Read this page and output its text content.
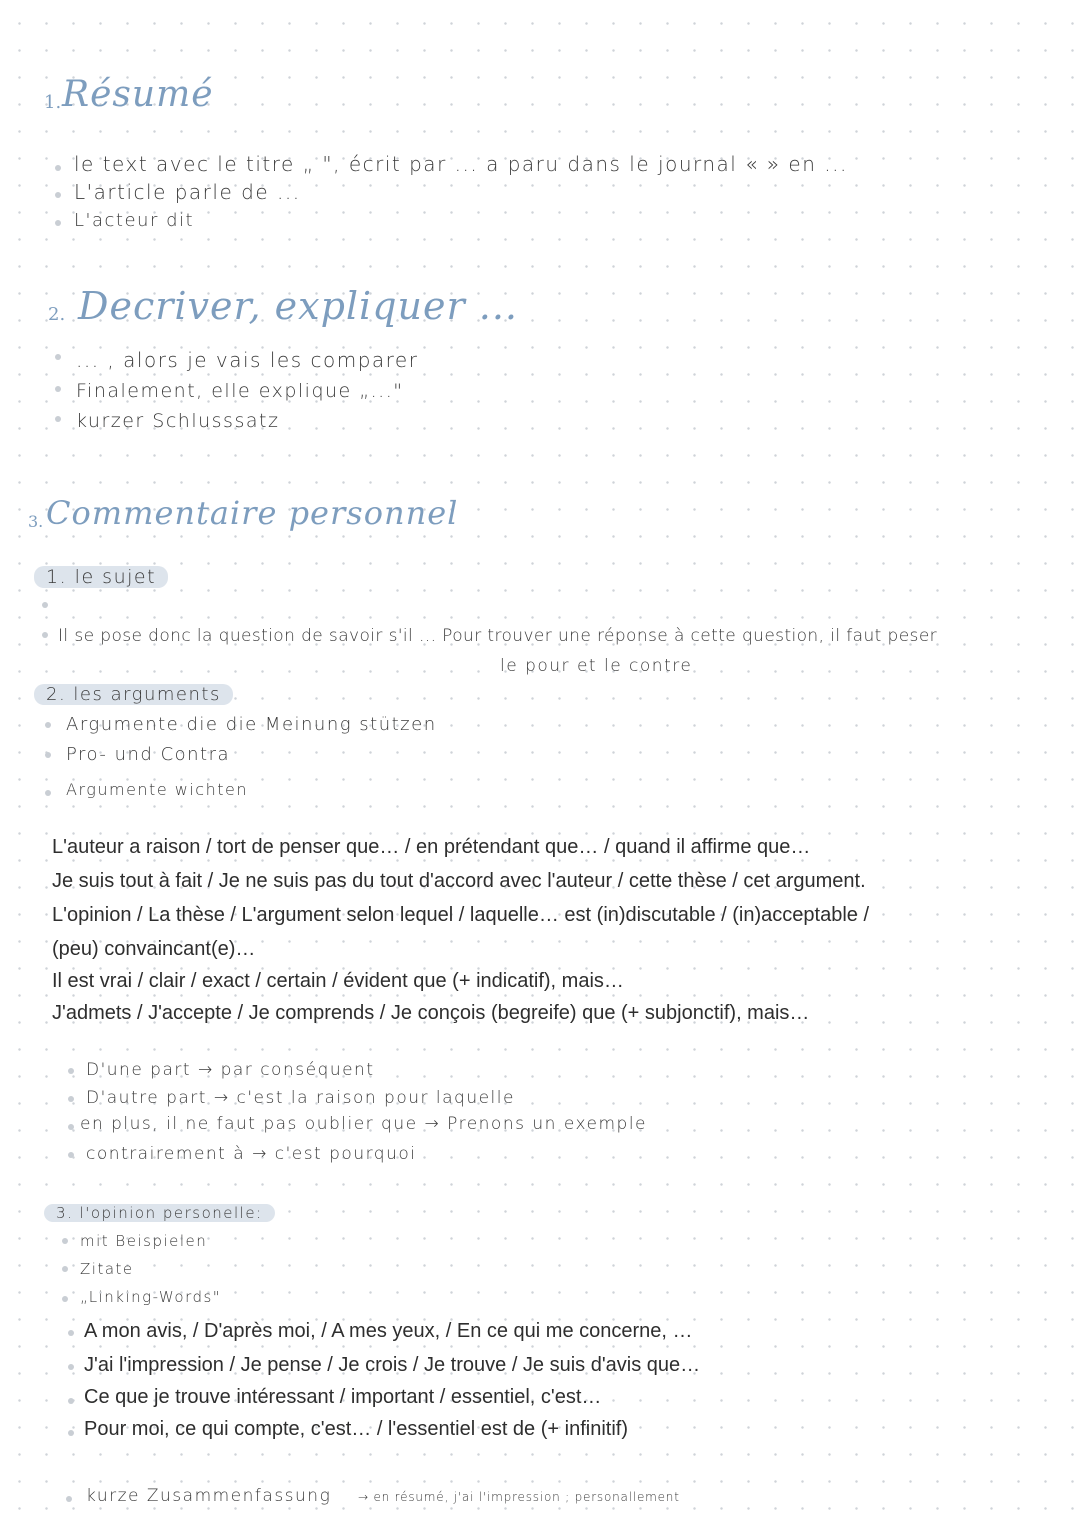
1. Résumé
le text avec le titre „ ", écrit par ... a paru dans le journal « » en ...
L'article parle de ...
L'acteur dit
2. Decriver, expliquer ...
... , alors je vais les comparer
Finalement, elle explique „..."
kurzer Schlusssatz
3. Commentaire personnel
1. le sujet
Il se pose donc la question de savoir s'il ... Pour trouver une réponse à cette question, il faut peser
le pour et le contre
2. les arguments
Argumente die die Meinung stützen
Pro- und Contra
Argumente wichten
L'auteur a raison / tort de penser que… / en prétendant que… / quand il affirme que…
Je suis tout à fait / Je ne suis pas du tout d'accord avec l'auteur / cette thèse / cet argument.
L'opinion / La thèse / L'argument selon lequel / laquelle… est (in)discutable / (in)acceptable /
(peu) convaincant(e)…
Il est vrai / clair / exact / certain / évident que (+ indicatif), mais…
J'admets / J'accepte / Je comprends / Je conçois (begreife) que (+ subjonctif), mais…
D'une part → par conséquent
D'autre part → c'est la raison pour laquelle
en plus, il ne faut pas oublier que → Prenons un exemple
contrairement à → c'est pourquoi
3. l'opinion personelle:
mit Beispielen
Zitate
„Linking-Words"
A mon avis, / D'après moi, / A mes yeux, / En ce qui me concerne, …
J'ai l'impression / Je pense / Je crois / Je trouve / Je suis d'avis que…
Ce que je trouve intéressant / important / essentiel, c'est…
Pour moi, ce qui compte, c'est… / l'essentiel est de (+ infinitif)
kurze Zusammenfassung → en résumé, j'ai l'impression ; personallement
